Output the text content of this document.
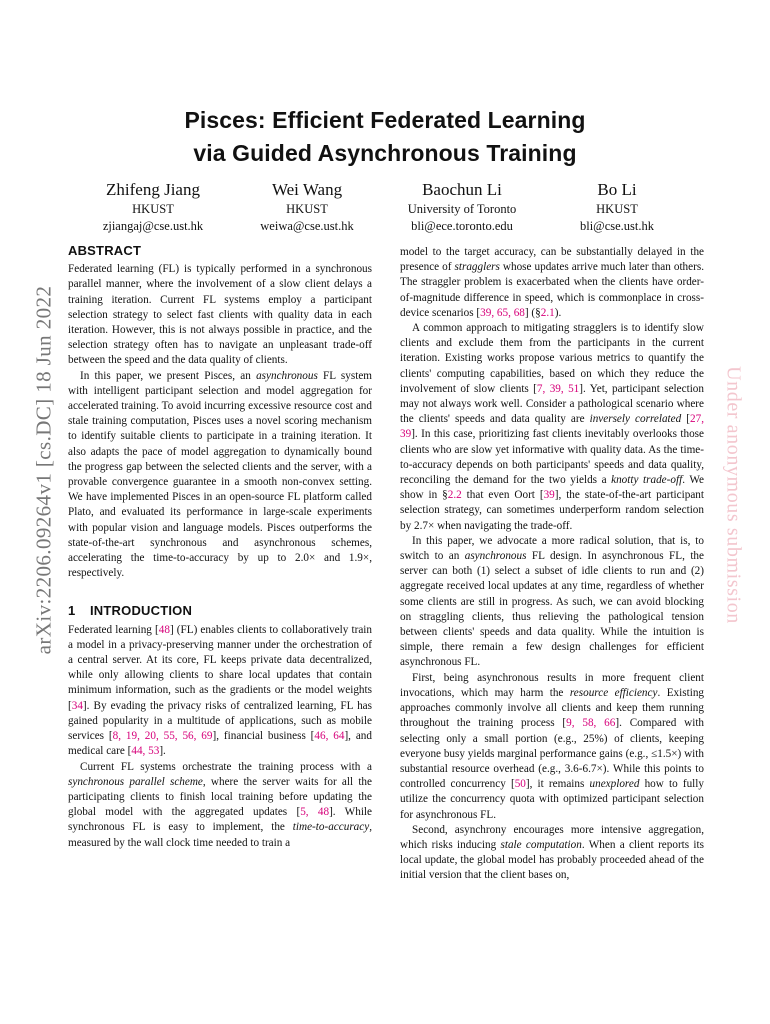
Pisces: Efficient Federated Learning
via Guided Asynchronous Training
Zhifeng Jiang
HKUST
zjiangaj@cse.ust.hk
Wei Wang
HKUST
weiwa@cse.ust.hk
Baochun Li
University of Toronto
bli@ece.toronto.edu
Bo Li
HKUST
bli@cse.ust.hk
arXiv:2206.09264v1 [cs.DC] 18 Jun 2022	Under anonymous submission
ABSTRACT

Federated learning (FL) is typically performed in a synchronous parallel manner, where the involvement of a slow client delays a training iteration. Current FL systems employ a participant selection strategy to select fast clients with quality data in each iteration. However, this is not always possible in practice, and the selection strategy often has to navigate an unpleasant trade-off between the speed and the data quality of clients.

In this paper, we present Pisces, an asynchronous FL system with intelligent participant selection and model aggregation for accelerated training. To avoid incurring excessive resource cost and stale training computation, Pisces uses a novel scoring mechanism to identify suitable clients to participate in a training iteration. It also adapts the pace of model aggregation to dynamically bound the progress gap between the selected clients and the server, with a provable convergence guarantee in a smooth non-convex setting. We have implemented Pisces in an open-source FL platform called Plato, and evaluated its performance in large-scale experiments with popular vision and language models. Pisces outperforms the state-of-the-art synchronous and asynchronous schemes, accelerating the time-to-accuracy by up to 2.0× and 1.9×, respectively.

1 INTRODUCTION

Federated learning [48] (FL) enables clients to collaboratively train a model in a privacy-preserving manner under the orchestration of a central server. At its core, FL keeps private data decentralized, while only allowing clients to share local updates that contain minimum information, such as the gradients or the model weights [34]. By evading the privacy risks of centralized learning, FL has gained popularity in a multitude of applications, such as mobile services [8, 19, 20, 55, 56, 69], financial business [46, 64], and medical care [44, 53].

Current FL systems orchestrate the training process with a synchronous parallel scheme, where the server waits for all the participating clients to finish local training before updating the global model with the aggregated updates [5, 48]. While synchronous FL is easy to implement, the time-to-accuracy, measured by the wall clock time needed to train a

model to the target accuracy, can be substantially delayed in the presence of stragglers whose updates arrive much later than others. The straggler problem is exacerbated when the clients have order-of-magnitude difference in speed, which is commonplace in cross-device scenarios [39, 65, 68] (§2.1).

A common approach to mitigating stragglers is to identify slow clients and exclude them from the participants in the current iteration. Existing works propose various metrics to quantify the clients' computing capabilities, based on which they reduce the involvement of slow clients [7, 39, 51]. Yet, participant selection may not always work well. Consider a pathological scenario where the clients' speeds and data quality are inversely correlated [27, 39]. In this case, prioritizing fast clients inevitably overlooks those clients who are slow yet informative with quality data. As the time-to-accuracy depends on both participants' speeds and data quality, reconciling the demand for the two yields a knotty trade-off. We show in §2.2 that even Oort [39], the state-of-the-art participant selection strategy, can sometimes underperform random selection by 2.7× when navigating the trade-off.

In this paper, we advocate a more radical solution, that is, to switch to an asynchronous FL design. In asynchronous FL, the server can both (1) select a subset of idle clients to run and (2) aggregate received local updates at any time, regardless of whether some clients are still in progress. As such, we can avoid blocking on straggling clients, thus relieving the pathological tension between clients' speeds and data quality. While the intuition is simple, there remain a few design challenges for efficient asynchronous FL.

First, being asynchronous results in more frequent client invocations, which may harm the resource efficiency. Existing approaches commonly involve all clients and keep them running throughout the training process [9, 58, 66]. Compared with selecting only a small portion (e.g., 25%) of clients, keeping everyone busy yields marginal performance gains (e.g., ≤1.5×) with substantial resource overhead (e.g., 3.6-6.7×). While this points to controlled concurrency [50], it remains unexplored how to fully utilize the concurrency quota with optimized participant selection for asynchronous FL.

Second, asynchrony encourages more intensive aggregation, which risks inducing stale computation. When a client reports its local update, the global model has probably proceeded ahead of the initial version that the client bases on,
